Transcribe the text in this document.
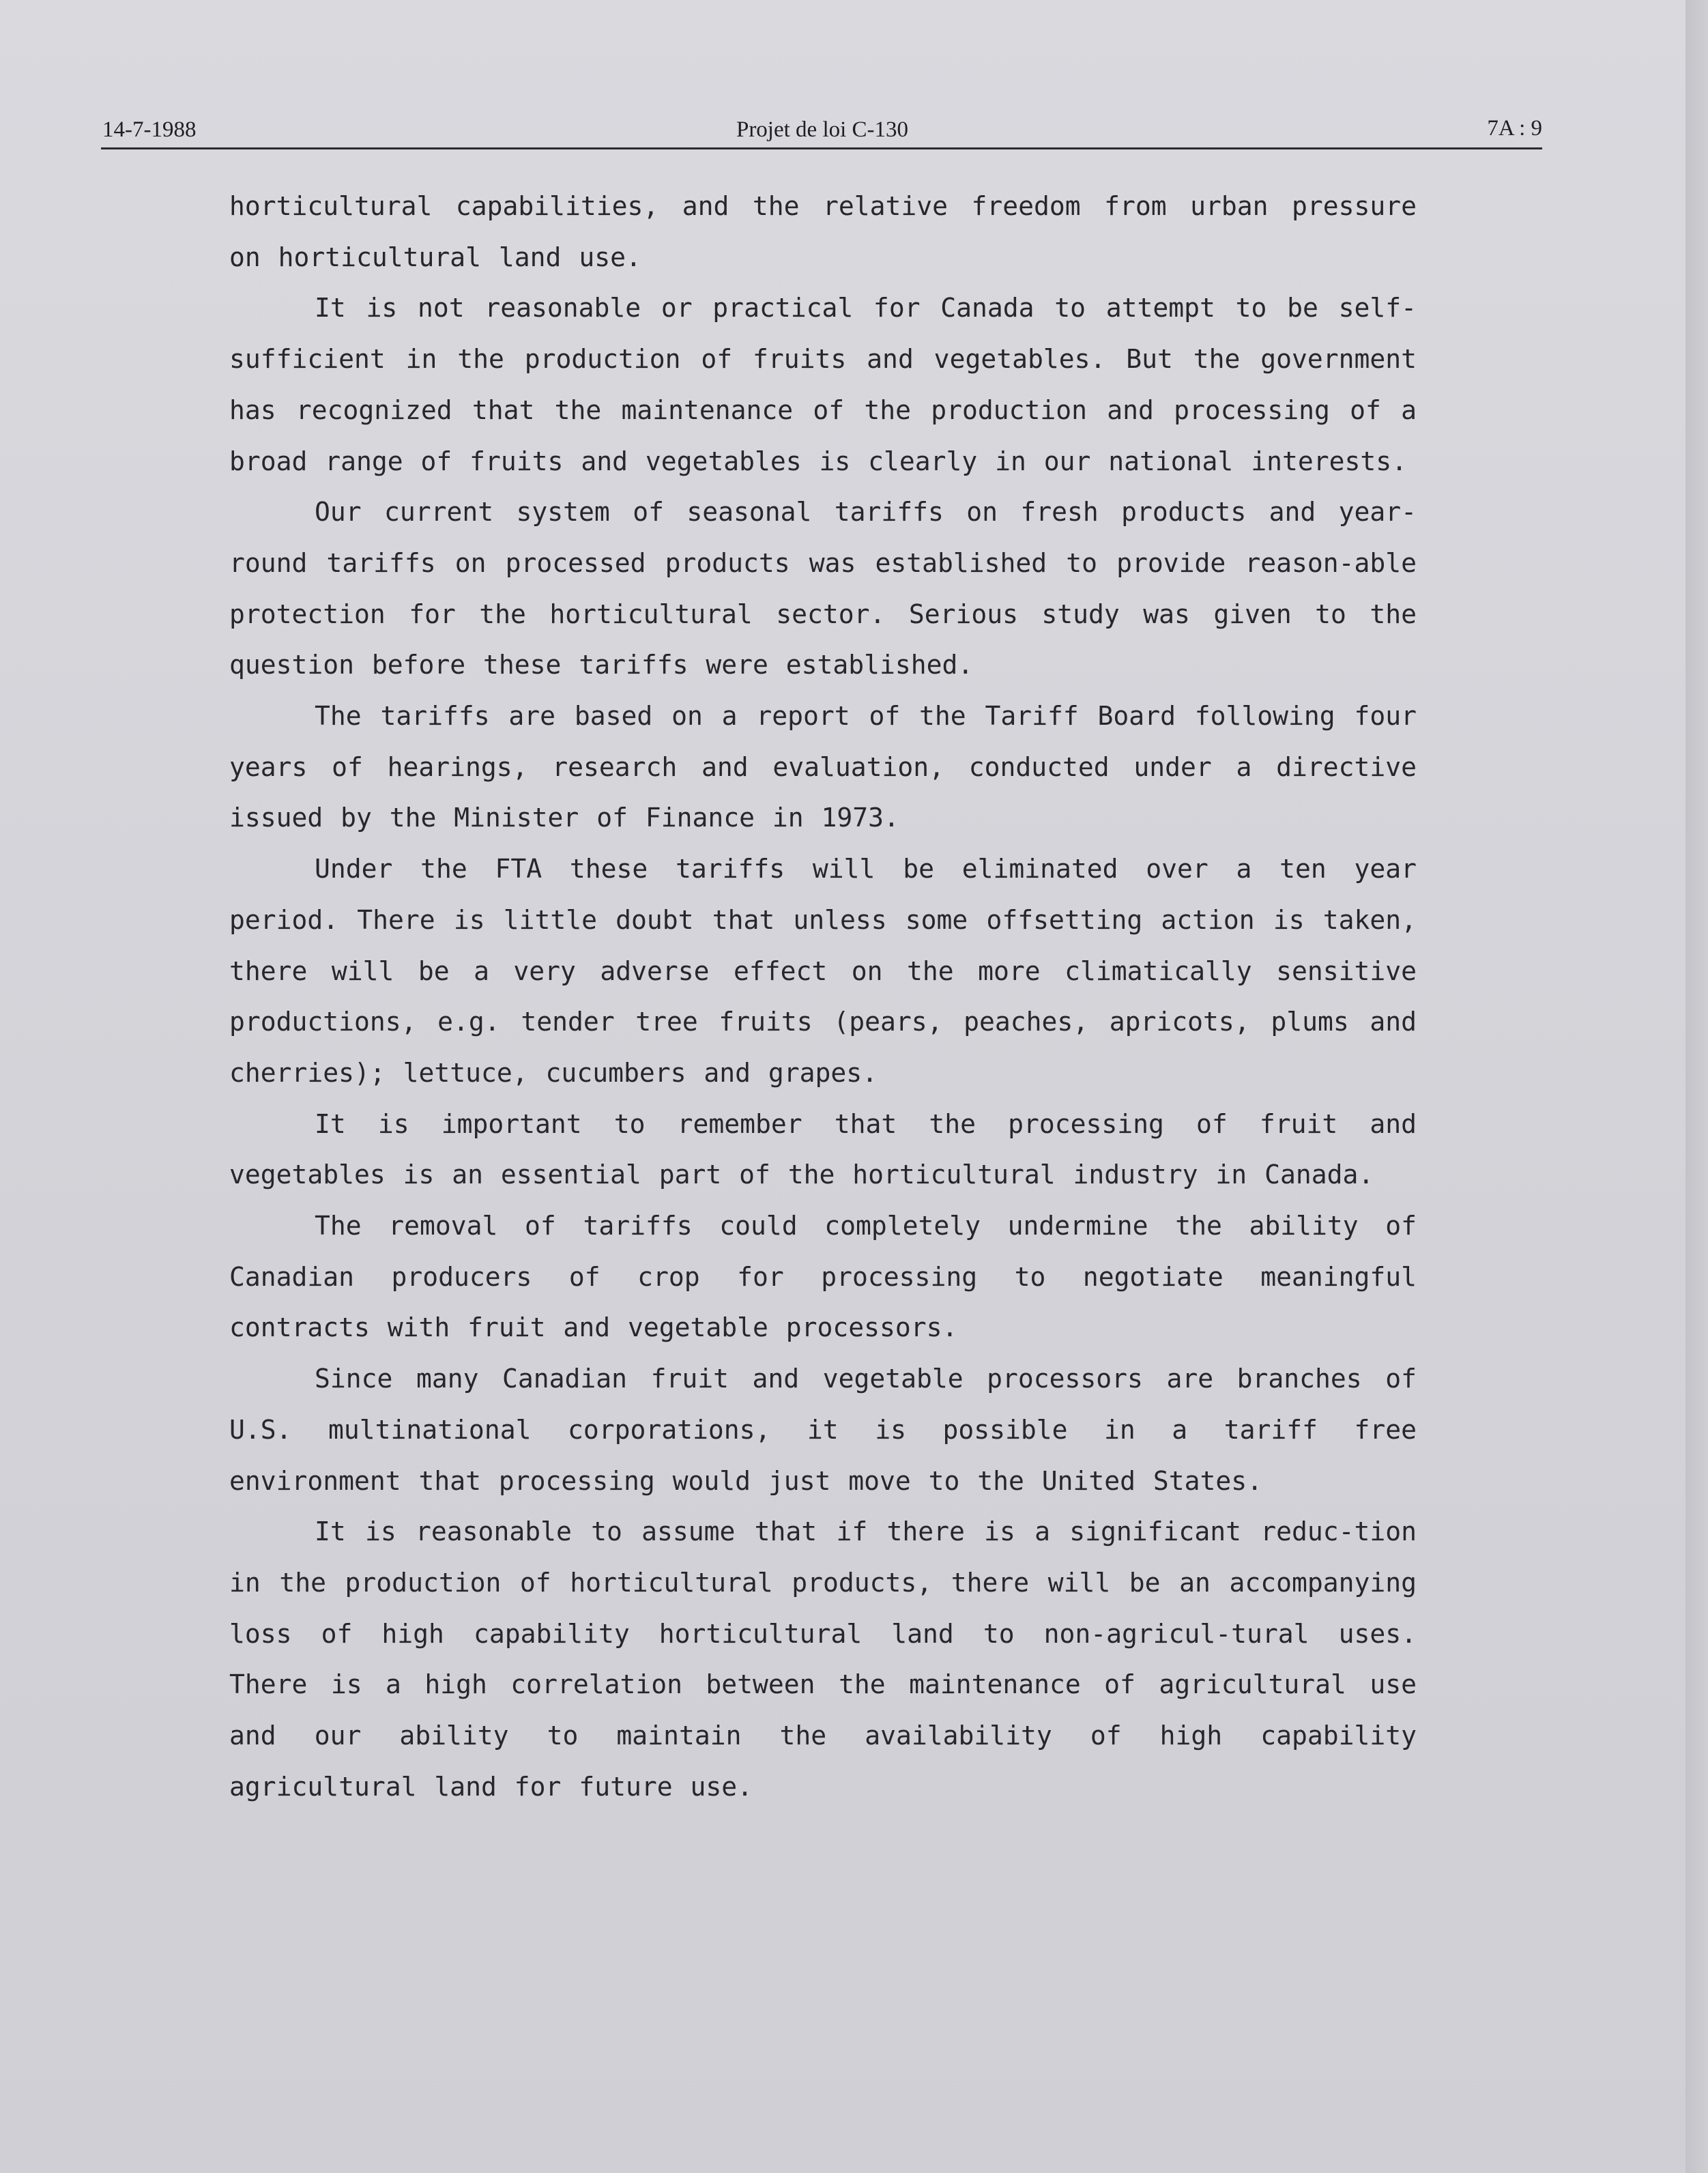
14-7-1988	Projet de loi C-130	7A : 9

horticultural capabilities, and the relative freedom from urban pressure on horticultural land use.

It is not reasonable or practical for Canada to attempt to be self-sufficient in the production of fruits and vegetables. But the government has recognized that the maintenance of the production and processing of a broad range of fruits and vegetables is clearly in our national interests.

Our current system of seasonal tariffs on fresh products and year-round tariffs on processed products was established to provide reason-able protection for the horticultural sector. Serious study was given to the question before these tariffs were established.

The tariffs are based on a report of the Tariff Board following four years of hearings, research and evaluation, conducted under a directive issued by the Minister of Finance in 1973.

Under the FTA these tariffs will be eliminated over a ten year period. There is little doubt that unless some offsetting action is taken, there will be a very adverse effect on the more climatically sensitive productions, e.g. tender tree fruits (pears, peaches, apricots, plums and cherries); lettuce, cucumbers and grapes.

It is important to remember that the processing of fruit and vegetables is an essential part of the horticultural industry in Canada.

The removal of tariffs could completely undermine the ability of Canadian producers of crop for processing to negotiate meaningful contracts with fruit and vegetable processors.

Since many Canadian fruit and vegetable processors are branches of U.S. multinational corporations, it is possible in a tariff free environment that processing would just move to the United States.

It is reasonable to assume that if there is a significant reduc-tion in the production of horticultural products, there will be an accompanying loss of high capability horticultural land to non-agricul-tural uses. There is a high correlation between the maintenance of agricultural use and our ability to maintain the availability of high capability agricultural land for future use.
